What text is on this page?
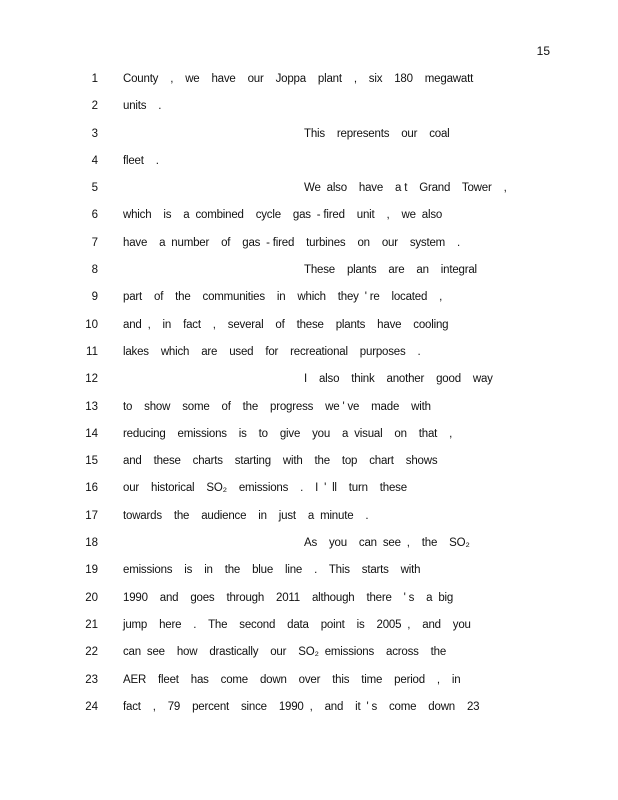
15
1 County    ,    we    have    our    Joppa    plant    ,    six    180    megawatt
2 units    .
3	This    represents    our    coal
4 fleet    .
5	We  also    have    a t    Grand    Tower    ,
6 which    is    a  combined    cycle    gas  - fired    unit    ,    we  also
7 have    a  number    of    gas  - fired    turbines    on    our    system    .
8	These    plants    are    an    integral
9 part    of    the    communities    in    which    they  ' re    located    ,
10 and  ,    in    fact    ,    several    of    these    plants    have    cooling
11 lakes    which    are    used    for    recreational    purposes    .
12	I    also    think    another    good    way
13 to    show    some    of    the    progress    we ' ve    made    with
14 reducing    emissions    is    to    give    you    a  visual    on    that    ,
15 and    these    charts    starting    with    the    top    chart    shows
16 our    historical    SO₂    emissions    .    I  '  ll    turn    these
17 towards    the    audience    in    just    a  minute    .
18	As    you    can  see  ,    the    SO₂
19 emissions    is    in    the    blue    line    .    This    starts    with
20 1990    and    goes    through    2011    although    there    ' s    a  big
21 jump    here    .    The    second    data    point    is    2005  ,    and    you
22 can  see    how    drastically    our    SO₂  emissions    across    the
23 AER    fleet    has    come    down    over    this    time    period    ,    in
24 fact    ,    79    percent    since    1990  ,    and    it  ' s    come    down    23
